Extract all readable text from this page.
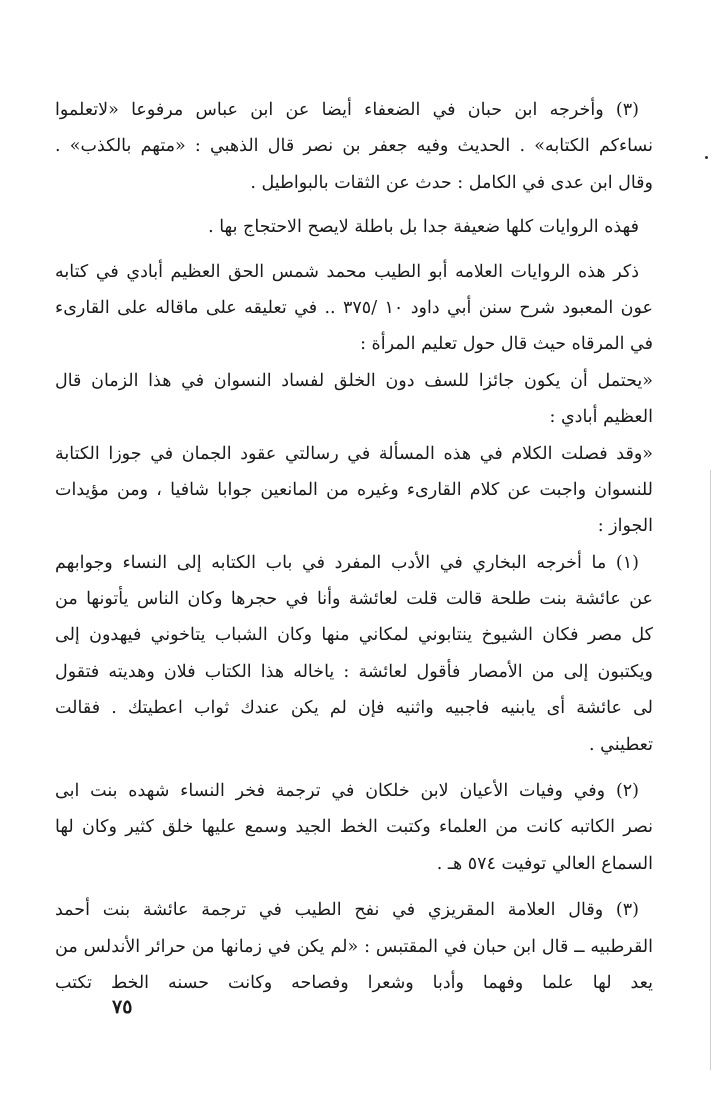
(٣) وأخرجه ابن حبان في الضعفاء أيضا عن ابن عباس مرفوعا «لاتعلموا
نساءكم الكتابه» . الحديث وفيه جعفر بن نصر قال الذهبي : «متهم بالكذب» .
وقال ابن عدى في الكامل : حدث عن الثقات بالبواطيل .
فهذه الروايات كلها ضعيفة جدا بل باطلة لايصح الاحتجاج بها .
ذكر هذه الروايات العلامه أبو الطيب محمد شمس الحق العظيم أبادي في كتابه
عون المعبود شرح سنن أبي داود ١٠ /٣٧٥ .. في تعليقه على ماقاله على القارىء
في المرقاه حيث قال حول تعليم المرأة :
«يحتمل أن يكون جائزا للسف دون الخلق لفساد النسوان في هذا الزمان قال
العظيم أبادي :
«وقد فصلت الكلام في هذه المسألة في رسالتي عقود الجمان في جوزا الكتابة
للنسوان واجبت عن كلام القارىء وغيره من المانعين جوابا شافيا ، ومن مؤيدات
الجواز :
(١) ما أخرجه البخاري في الأدب المفرد في باب الكتابه إلى النساء وجوابهم
عن عائشة بنت طلحة قالت قلت لعائشة وأنا في حجرها وكان الناس يأتونها من
كل مصر فكان الشيوخ ينتابوني لمكاني منها وكان الشباب يتاخوني فيهدون إلى
ويكتبون إلى من الأمصار فأقول لعائشة : ياخاله هذا الكتاب فلان وهديته فتقول
لى عائشة أى يابنيه فاجبيه واثنيه فإن لم يكن عندك ثواب اعطيتك . فقالت
تعطيني .
(٢) وفي وفيات الأعيان لابن خلكان في ترجمة فخر النساء شهده بنت ابى
نصر الكاتبه كانت من العلماء وكتبت الخط الجيد وسمع عليها خلق كثير وكان لها
السماع العالي توفيت ٥٧٤ هـ .
(٣) وقال العلامة المقريزي في نفح الطيب في ترجمة عائشة بنت أحمد
القرطبيه ــ قال ابن حبان في المقتبس : «لم يكن في زمانها من حرائر الأندلس من
يعد لها علما وفهما وأدبا وشعرا وفصاحه وكانت حسنه الخط تكتب
٧٥
